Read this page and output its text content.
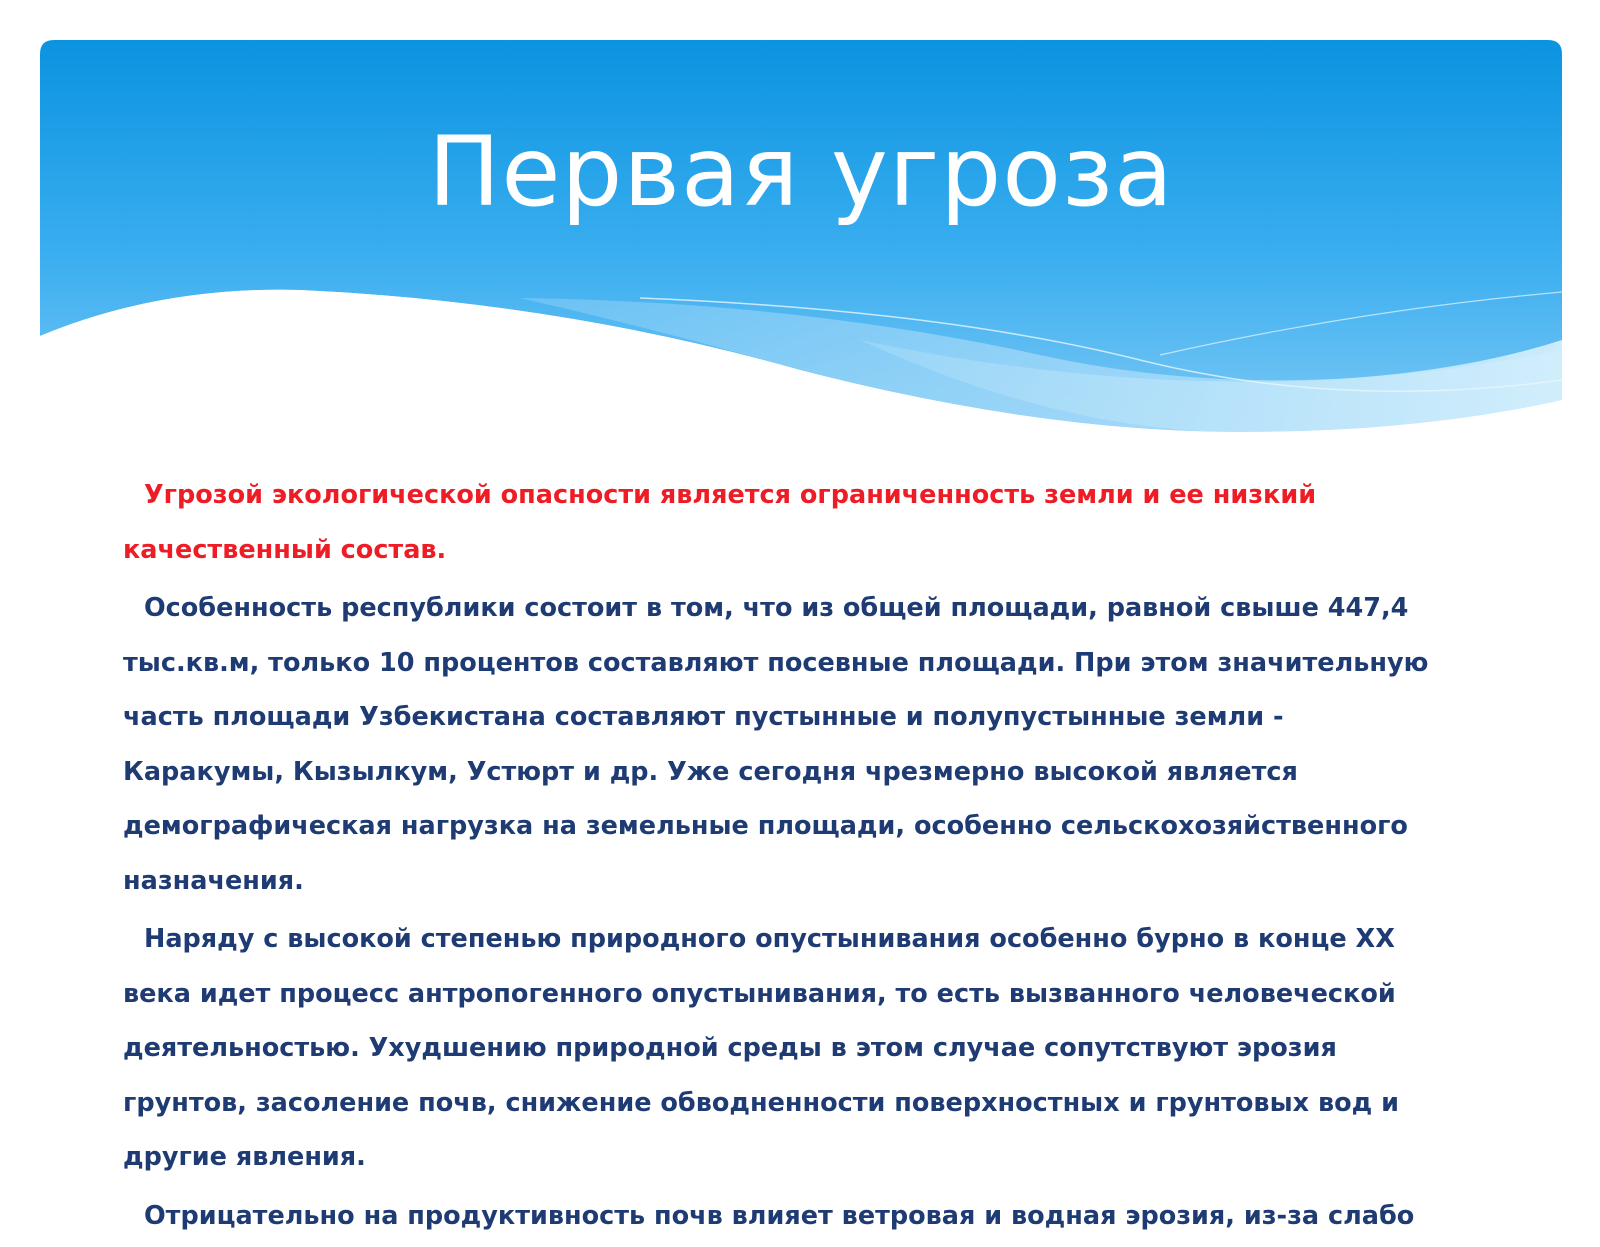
Первая угроза

Угрозой экологической опасности является ограниченность земли и ее низкий качественный состав.

Особенность республики состоит в том, что из общей площади, равной свыше 447,4 тыс.кв.м, только 10 процентов составляют посевные площади. При этом значительную часть площади Узбекистана составляют пустынные и полупустынные земли - Каракумы, Кызылкум, Устюрт и др. Уже сегодня чрезмерно высокой является демографическая нагрузка на земельные площади, особенно сельскохозяйственного назначения.

Наряду с высокой степенью природного опустынивания особенно бурно в конце XX века идет процесс антропогенного опустынивания, то есть вызванного человеческой деятельностью. Ухудшению природной среды в этом случае сопутствуют эрозия грунтов, засоление почв, снижение обводненности поверхностных и грунтовых вод и другие явления.

Отрицательно на продуктивность почв влияет ветровая и водная эрозия, из-за слабо
